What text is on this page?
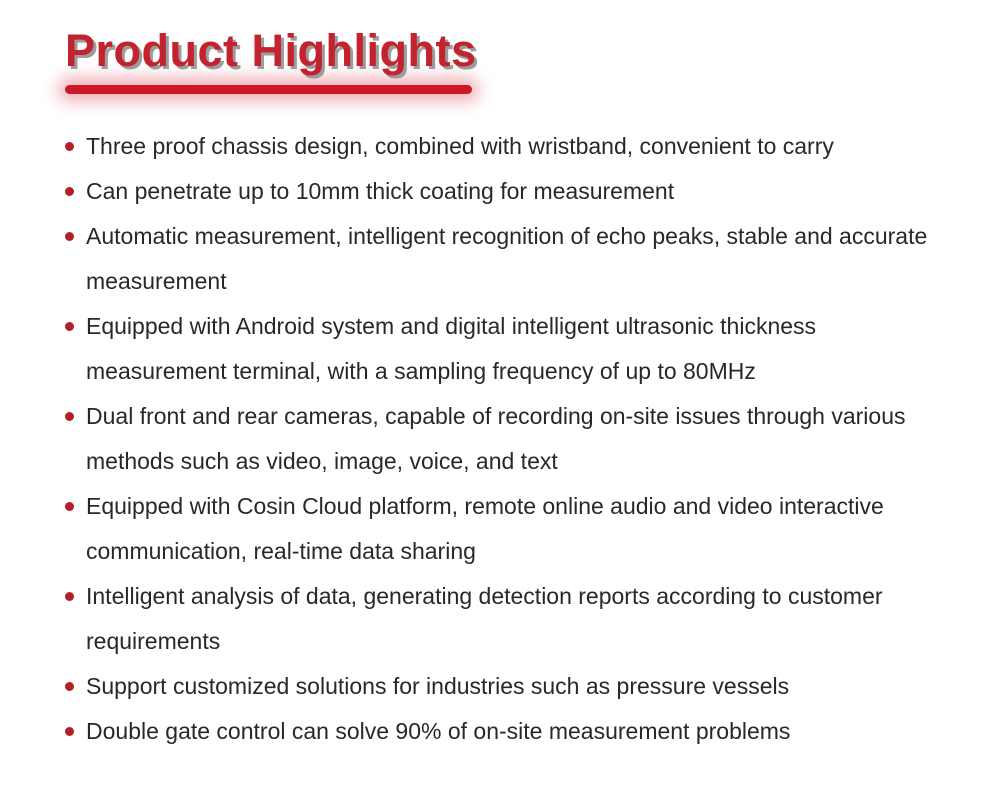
Product Highlights
Three proof chassis design, combined with wristband, convenient to carry
Can penetrate up to 10mm thick coating for measurement
Automatic measurement, intelligent recognition of echo peaks, stable and accurate measurement
Equipped with Android system and digital intelligent ultrasonic thickness measurement terminal, with a sampling frequency of up to 80MHz
Dual front and rear cameras, capable of recording on-site issues through various methods such as video, image, voice, and text
Equipped with Cosin Cloud platform, remote online audio and video interactive communication, real-time data sharing
Intelligent analysis of data, generating detection reports according to customer requirements
Support customized solutions for industries such as pressure vessels
Double gate control can solve 90% of on-site measurement problems
